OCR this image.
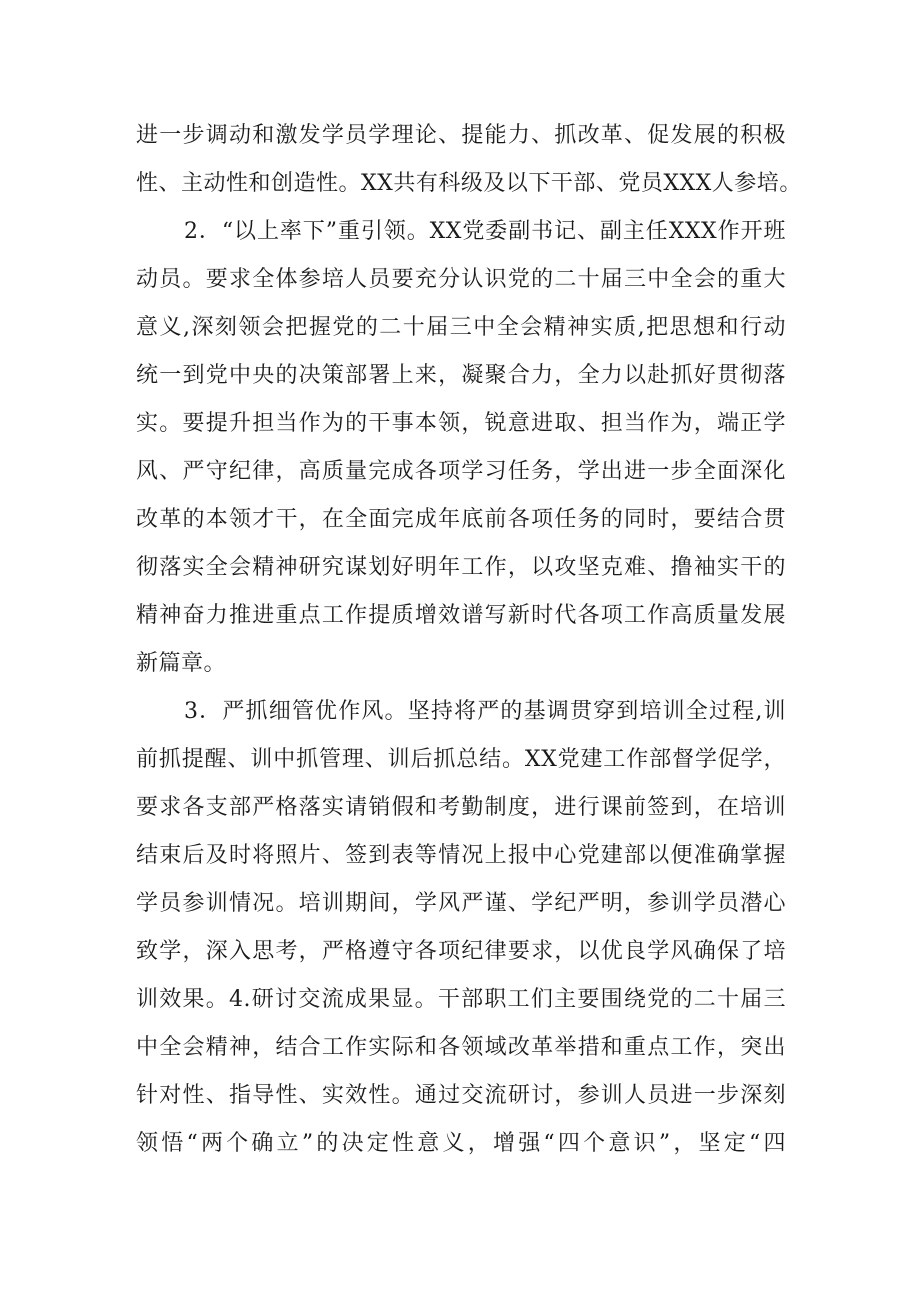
进一步调动和激发学员学理论、提能力、抓改革、促发展的积极
性、主动性和创造性。XX共有科级及以下干部、党员XXX人参培。
2．“以上率下”重引领。XX党委副书记、副主任XXX作开班
动员。要求全体参培人员要充分认识党的二十届三中全会的重大
意义,深刻领会把握党的二十届三中全会精神实质,把思想和行动
统一到党中央的决策部署上来，凝聚合力，全力以赴抓好贯彻落
实。要提升担当作为的干事本领，锐意进取、担当作为，端正学
风、严守纪律，高质量完成各项学习任务，学出进一步全面深化
改革的本领才干，在全面完成年底前各项任务的同时，要结合贯
彻落实全会精神研究谋划好明年工作，以攻坚克难、撸袖实干的
精神奋力推进重点工作提质增效谱写新时代各项工作高质量发展
新篇章。
3．严抓细管优作风。坚持将严的基调贯穿到培训全过程,训
前抓提醒、训中抓管理、训后抓总结。XX党建工作部督学促学，
要求各支部严格落实请销假和考勤制度，进行课前签到，在培训
结束后及时将照片、签到表等情况上报中心党建部以便准确掌握
学员参训情况。培训期间，学风严谨、学纪严明，参训学员潜心
致学，深入思考，严格遵守各项纪律要求，以优良学风确保了培
训效果。4.研讨交流成果显。干部职工们主要围绕党的二十届三
中全会精神，结合工作实际和各领域改革举措和重点工作，突出
针对性、指导性、实效性。通过交流研讨，参训人员进一步深刻
领悟“两个确立”的决定性意义，增强“四个意识”，坚定“四
